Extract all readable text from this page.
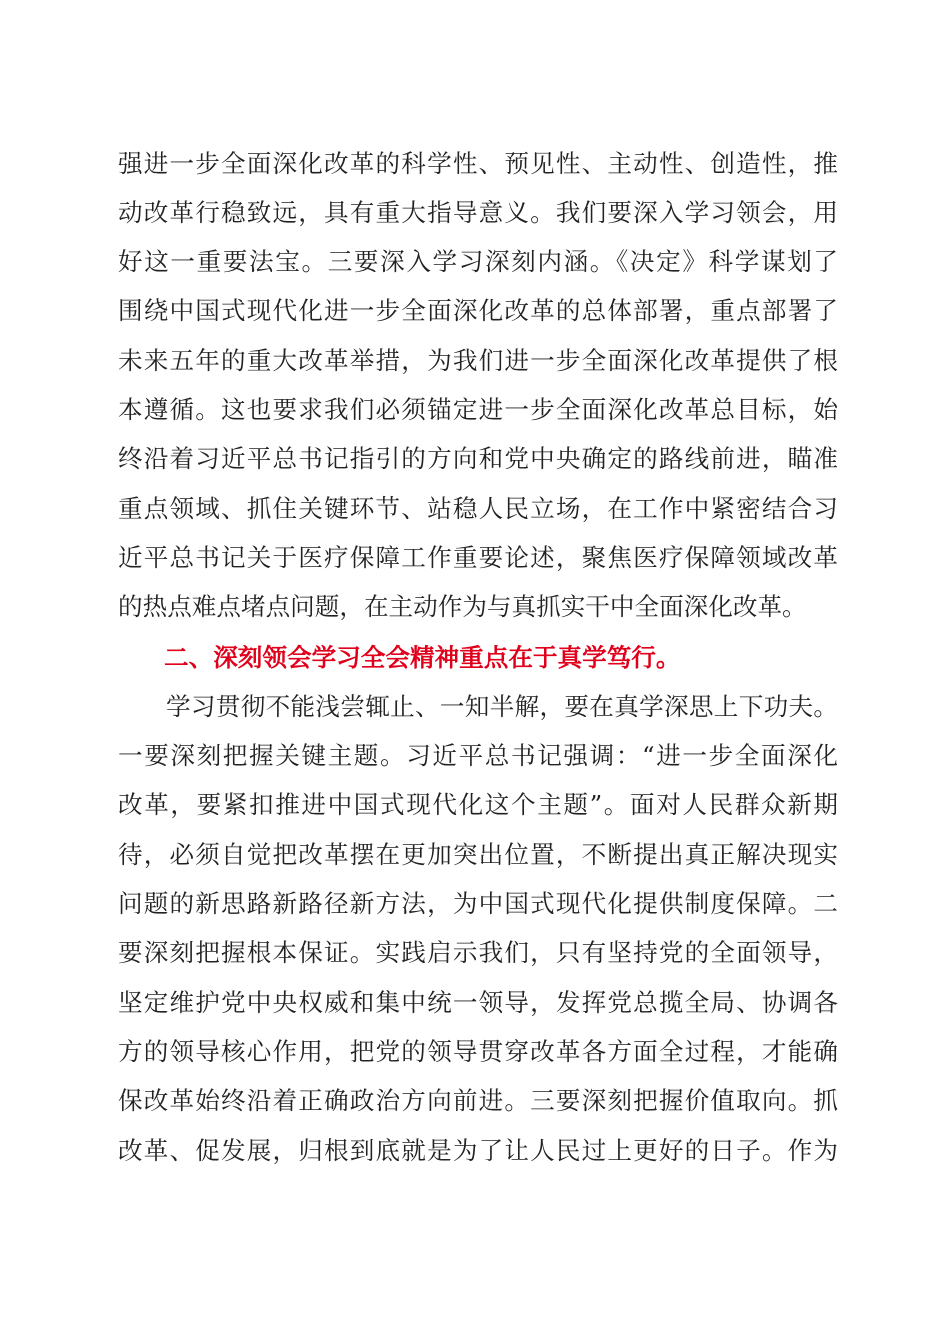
强进一步全面深化改革的科学性、预见性、主动性、创造性，推
动改革行稳致远，具有重大指导意义。我们要深入学习领会，用
好这一重要法宝。三要深入学习深刻内涵。《决定》科学谋划了
围绕中国式现代化进一步全面深化改革的总体部署，重点部署了
未来五年的重大改革举措，为我们进一步全面深化改革提供了根
本遵循。这也要求我们必须锚定进一步全面深化改革总目标，始
终沿着习近平总书记指引的方向和党中央确定的路线前进，瞄准
重点领域、抓住关键环节、站稳人民立场，在工作中紧密结合习
近平总书记关于医疗保障工作重要论述，聚焦医疗保障领域改革
的热点难点堵点问题，在主动作为与真抓实干中全面深化改革。
二、深刻领会学习全会精神重点在于真学笃行。
学习贯彻不能浅尝辄止、一知半解，要在真学深思上下功夫。
一要深刻把握关键主题。习近平总书记强调：“进一步全面深化
改革，要紧扣推进中国式现代化这个主题”。面对人民群众新期
待，必须自觉把改革摆在更加突出位置，不断提出真正解决现实
问题的新思路新路径新方法，为中国式现代化提供制度保障。二
要深刻把握根本保证。实践启示我们，只有坚持党的全面领导，
坚定维护党中央权威和集中统一领导，发挥党总揽全局、协调各
方的领导核心作用，把党的领导贯穿改革各方面全过程，才能确
保改革始终沿着正确政治方向前进。三要深刻把握价值取向。抓
改革、促发展，归根到底就是为了让人民过上更好的日子。作为
